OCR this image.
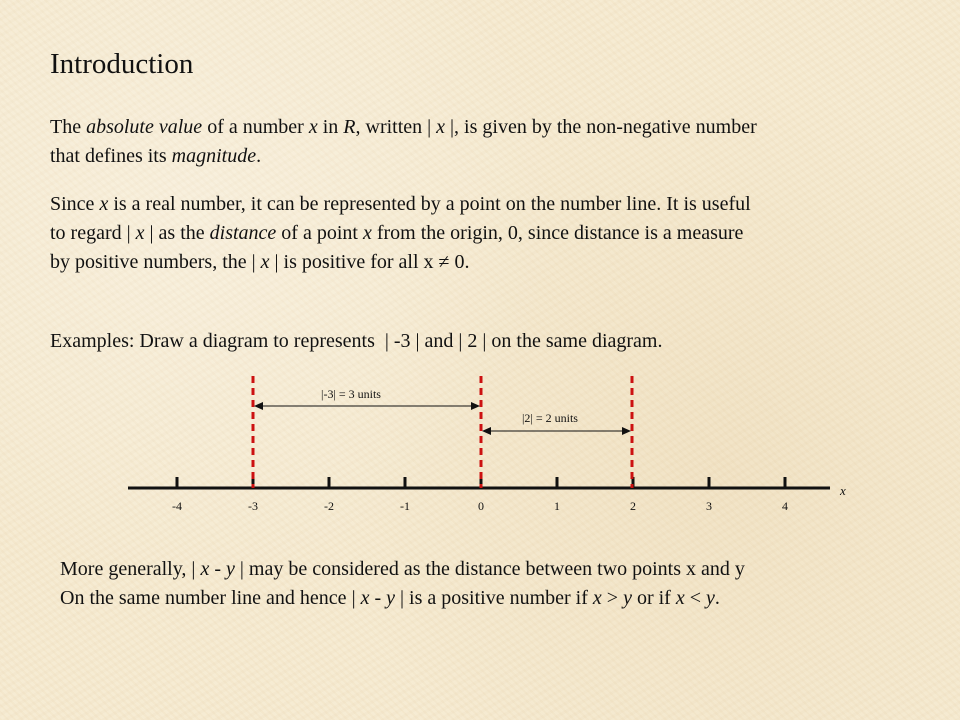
Introduction

The absolute value of a number x in R, written | x |, is given by the non-negative number
that defines its magnitude.

Since x is a real number, it can be represented by a point on the number line. It is useful
to regard | x | as the distance of a point x from the origin, 0, since distance is a measure
by positive numbers, the | x | is positive for all x ≠ 0.

Examples: Draw a diagram to represents  | -3 | and | 2 | on the same diagram.

-4	-3	-2	-1	0	1	2	3	4
x
|-3| = 3 units
|2| = 2 units

More generally, | x - y | may be considered as the distance between two points x and y
On the same number line and hence | x - y | is a positive number if x > y or if x < y.
